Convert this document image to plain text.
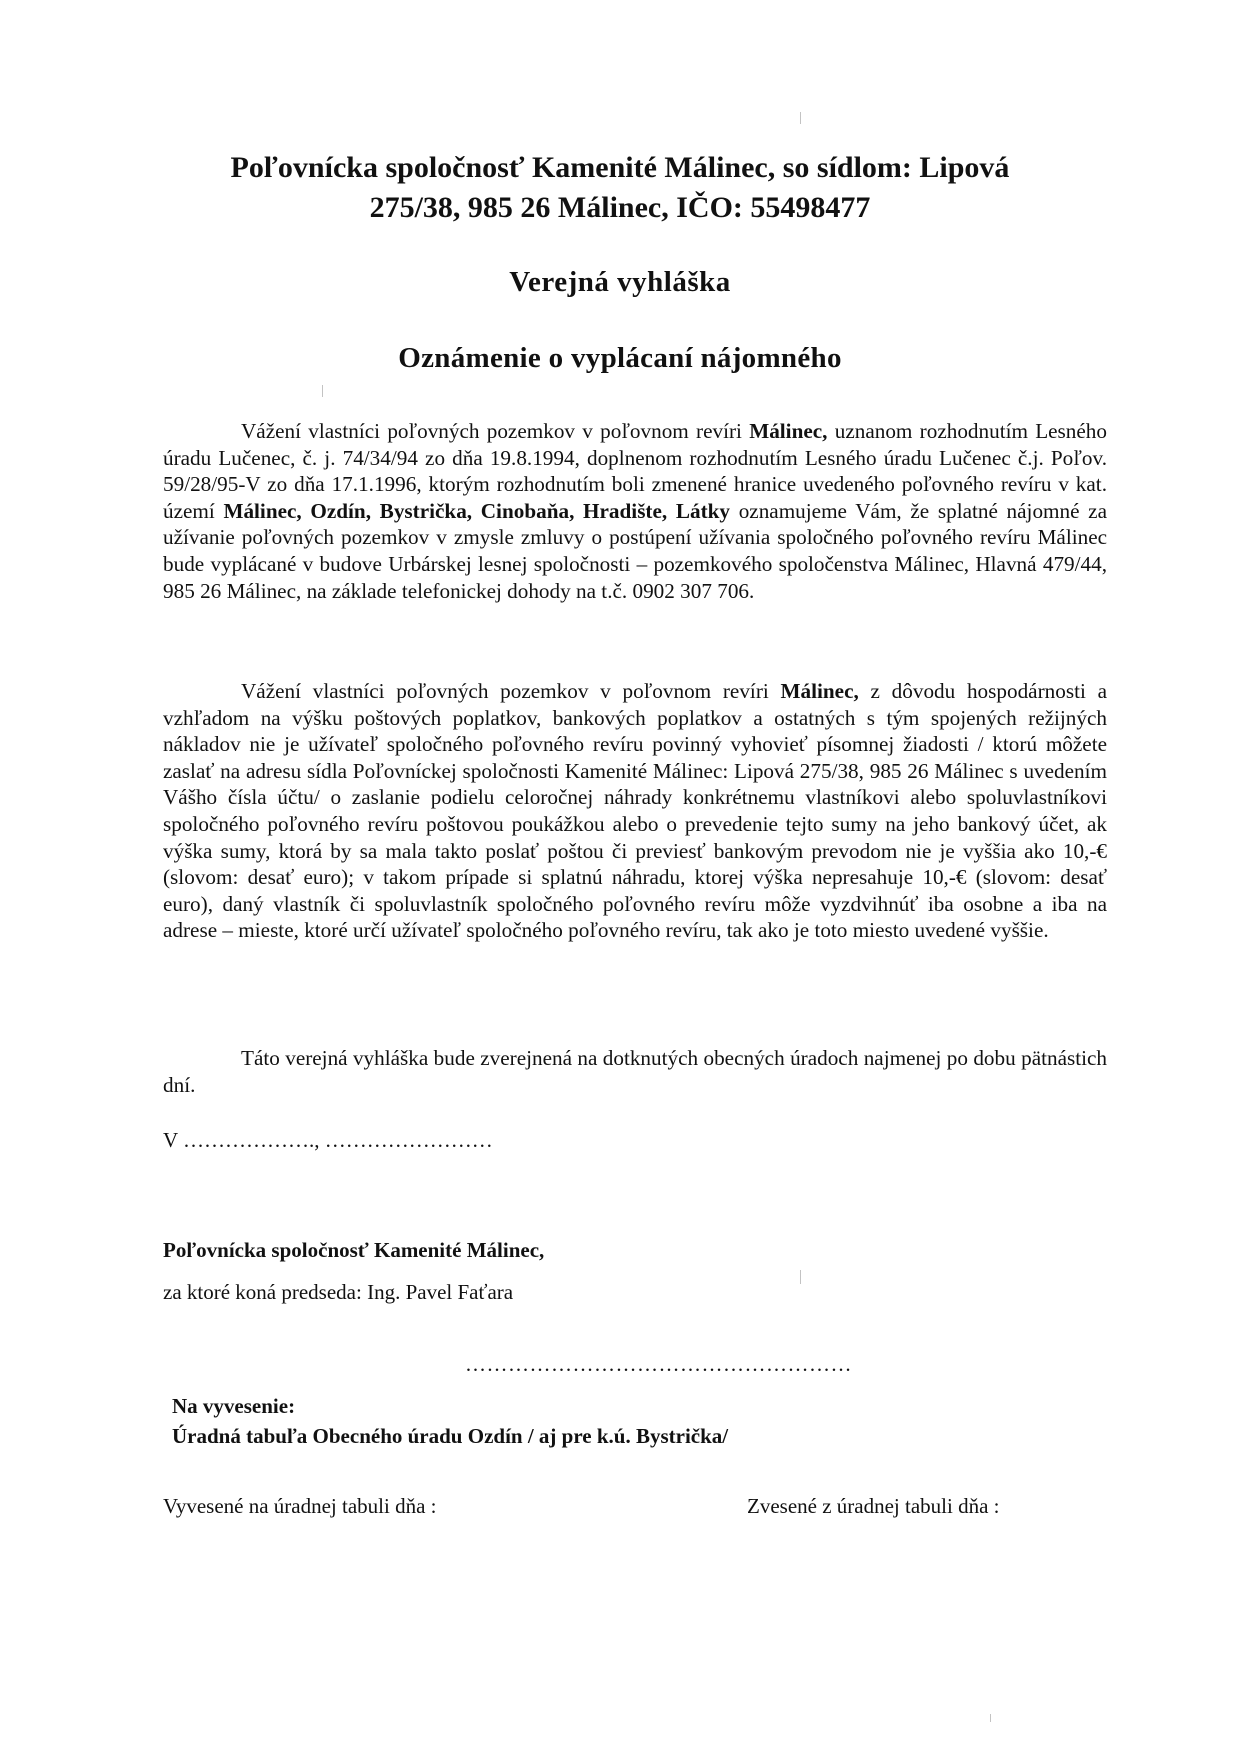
Poľovnícka spoločnosť Kamenité Málinec, so sídlom: Lipová
275/38, 985 26 Málinec, IČO: 55498477
Verejná vyhláška
Oznámenie o vyplácaní nájomného

Vážení vlastníci poľovných pozemkov v poľovnom revíri Málinec, uznanom rozhodnutím Lesného úradu Lučenec, č. j. 74/34/94 zo dňa 19.8.1994, doplnenom rozhodnutím Lesného úradu Lučenec č.j. Poľov. 59/28/95-V zo dňa 17.1.1996, ktorým rozhodnutím boli zmenené hranice uvedeného poľovného revíru v kat. území Málinec, Ozdín, Bystrička, Cinobaňa, Hradište, Látky oznamujeme Vám, že splatné nájomné za užívanie poľovných pozemkov v zmysle zmluvy o postúpení užívania spoločného poľovného revíru Málinec bude vyplácané v budove Urbárskej lesnej spoločnosti – pozemkového spoločenstva Málinec, Hlavná 479/44, 985 26 Málinec, na základe telefonickej dohody na t.č. 0902 307 706.

Vážení vlastníci poľovných pozemkov v poľovnom revíri Málinec, z dôvodu hospodárnosti a vzhľadom na výšku poštových poplatkov, bankových poplatkov a ostatných s tým spojených režijných nákladov nie je užívateľ spoločného poľovného revíru povinný vyhovieť písomnej žiadosti / ktorú môžete zaslať na adresu sídla Poľovníckej spoločnosti Kamenité Málinec: Lipová 275/38, 985 26 Málinec s uvedením Vášho čísla účtu/ o zaslanie podielu celoročnej náhrady konkrétnemu vlastníkovi alebo spoluvlastníkovi spoločného poľovného revíru poštovou poukážkou alebo o prevedenie tejto sumy na jeho bankový účet, ak výška sumy, ktorá by sa mala takto poslať poštou či previesť bankovým prevodom nie je vyššia ako 10,-€ (slovom: desať euro); v takom prípade si splatnú náhradu, ktorej výška nepresahuje 10,-€ (slovom: desať euro), daný vlastník či spoluvlastník spoločného poľovného revíru môže vyzdvihnúť iba osobne a iba na adrese – mieste, ktoré určí užívateľ spoločného poľovného revíru, tak ako je toto miesto uvedené vyššie.

Táto verejná vyhláška bude zverejnená na dotknutých obecných úradoch najmenej po dobu pätnástich dní.

V ………………., ……………………
Poľovnícka spoločnosť Kamenité Málinec,
za ktoré koná predseda: Ing. Pavel Faťara
………………………………………………
Na vyvesenie:
Úradná tabuľa Obecného úradu Ozdín / aj pre k.ú. Bystrička/
Vyvesené na úradnej tabuli dňa :	Zvesené z úradnej tabuli dňa :
